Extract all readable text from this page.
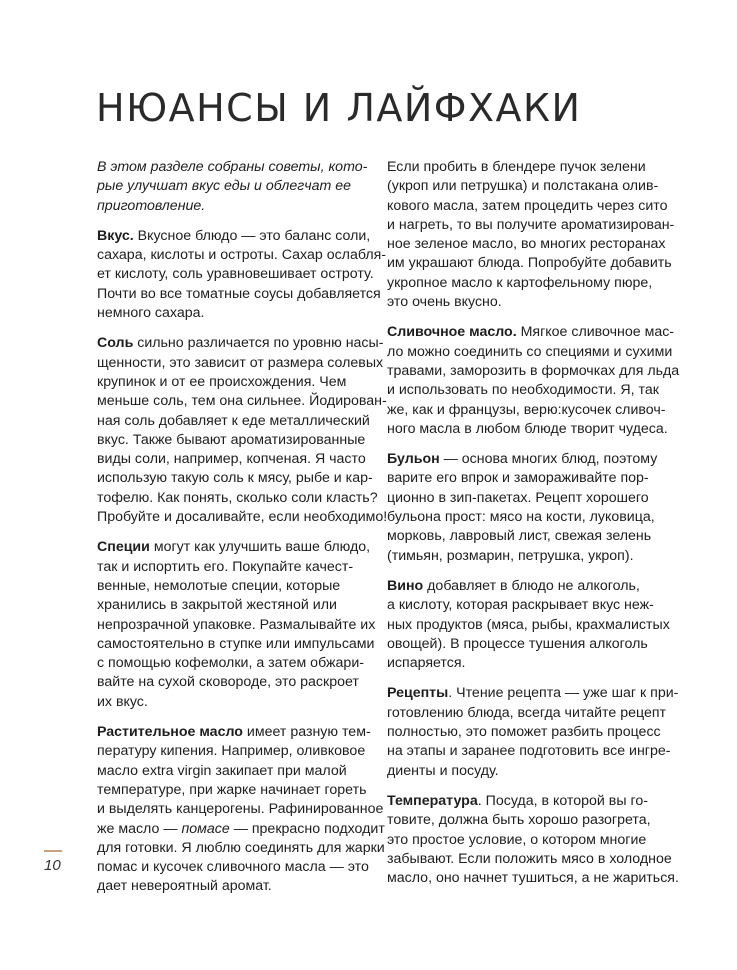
НЮАНСЫ И ЛАЙФХАКИ

В этом разделе собраны советы, кото-
рые улучшат вкус еды и облегчат ее
приготовление.

Вкус. Вкусное блюдо — это баланс соли,
сахара, кислоты и остроты. Сахар ослабля-
ет кислоту, соль уравновешивает остроту.
Почти во все томатные соусы добавляется
немного сахара.

Соль сильно различается по уровню насы-
щенности, это зависит от размера солевых
крупинок и от ее происхождения. Чем
меньше соль, тем она сильнее. Йодирован-
ная соль добавляет к еде металлический
вкус. Также бывают ароматизированные
виды соли, например, копченая. Я часто
использую такую соль к мясу, рыбе и кар-
тофелю. Как понять, сколько соли класть?
Пробуйте и досаливайте, если необходимо!

Специи могут как улучшить ваше блюдо,
так и испортить его. Покупайте качест-
венные, немолотые специи, которые
хранились в закрытой жестяной или
непрозрачной упаковке. Размалывайте их
самостоятельно в ступке или импульсами
с помощью кофемолки, а затем обжари-
вайте на сухой сковороде, это раскроет
их вкус.

Растительное масло имеет разную тем-
пературу кипения. Например, оливковое
масло extra virgin закипает при малой
температуре, при жарке начинает гореть
и выделять канцерогены. Рафинированное
же масло — помасе — прекрасно подходит
для готовки. Я люблю соединять для жарки
помас и кусочек сливочного масла — это
дает невероятный аромат.

Если пробить в блендере пучок зелени
(укроп или петрушка) и полстакана олив-
кового масла, затем процедить через сито
и нагреть, то вы получите ароматизирован-
ное зеленое масло, во многих ресторанах
им украшают блюда. Попробуйте добавить
укропное масло к картофельному пюре,
это очень вкусно.

Сливочное масло. Мягкое сливочное мас-
ло можно соединить со специями и сухими
травами, заморозить в формочках для льда
и использовать по необходимости. Я, так
же, как и французы, верю:кусочек сливоч-
ного масла в любом блюде творит чудеса.

Бульон — основа многих блюд, поэтому
варите его впрок и замораживайте пор-
ционно в зип-пакетах. Рецепт хорошего
бульона прост: мясо на кости, луковица,
морковь, лавровый лист, свежая зелень
(тимьян, розмарин, петрушка, укроп).

Вино добавляет в блюдо не алкоголь,
а кислоту, которая раскрывает вкус неж-
ных продуктов (мяса, рыбы, крахмалистых
овощей). В процессе тушения алкоголь
испаряется.

Рецепты. Чтение рецепта — уже шаг к при-
готовлению блюда, всегда читайте рецепт
полностью, это поможет разбить процесс
на этапы и заранее подготовить все ингре-
диенты и посуду.

Температура. Посуда, в которой вы го-
товите, должна быть хорошо разогрета,
это простое условие, о котором многие
забывают. Если положить мясо в холодное
масло, оно начнет тушиться, а не жариться.

10
